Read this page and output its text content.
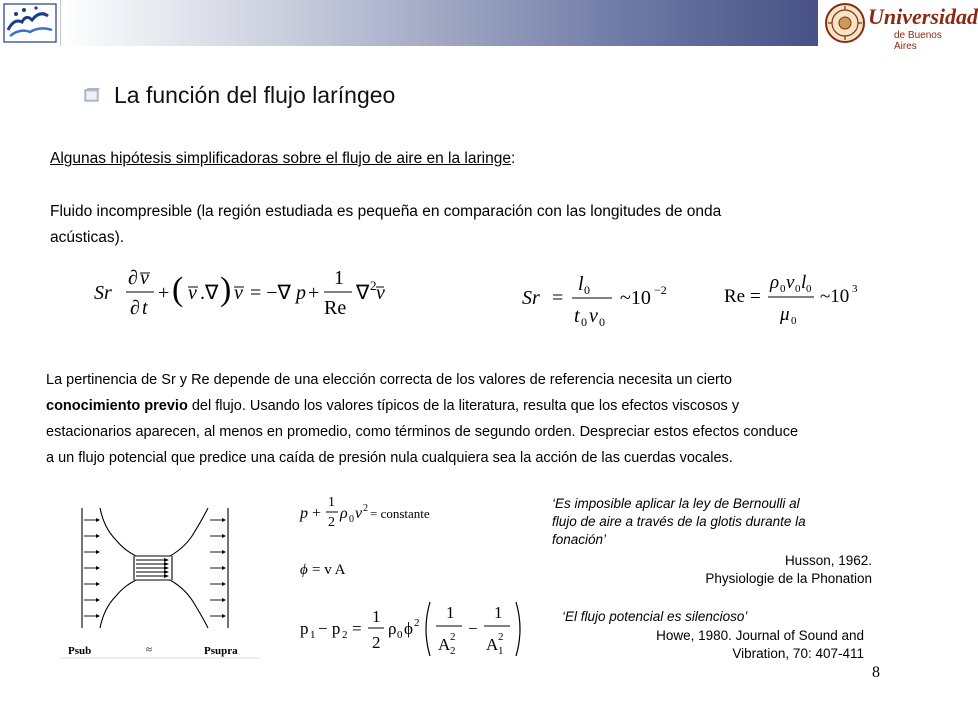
Universidad
de Buenos Aires
La función del flujo laríngeo
Algunas hipótesis simplificadoras sobre el flujo de aire en la laringe:
Fluido incompresible (la región estudiada es pequeña en comparación con las longitudes de onda
acústicas).
Sr
∂ v
∂ t
+ ( v .∇ ) v = −∇ p +
1
Re
∇ 2 v	Sr =
l 0
t 0 v 0
~10 −2	Re =
ρ 0 v 0 l 0
μ 0
~10 3
La pertinencia de Sr y Re depende de una elección correcta de los valores de referencia necesita un cierto
conocimiento previo del flujo. Usando los valores típicos de la literatura, resulta que los efectos viscosos y
estacionarios aparecen, al menos en promedio, como términos de segundo orden. Despreciar estos efectos conduce
a un flujo potencial que predice una caída de presión nula cualquiera sea la acción de las cuerdas vocales.
Psub	≈	Psupra
p +
1
2
ρ 0 v 2 = constante
ϕ = v A
p 1 − p 2 =
1
2
ρ 0 ϕ 2
1
A 2
2 −
1
A 1
2
‘Es imposible aplicar la ley de Bernoulli al
flujo de aire a través de la glotis durante la
fonación’
Husson, 1962.
Physiologie de la Phonation
‘El flujo potencial es silencioso’
Howe, 1980. Journal of Sound and
Vibration, 70: 407-411
8
